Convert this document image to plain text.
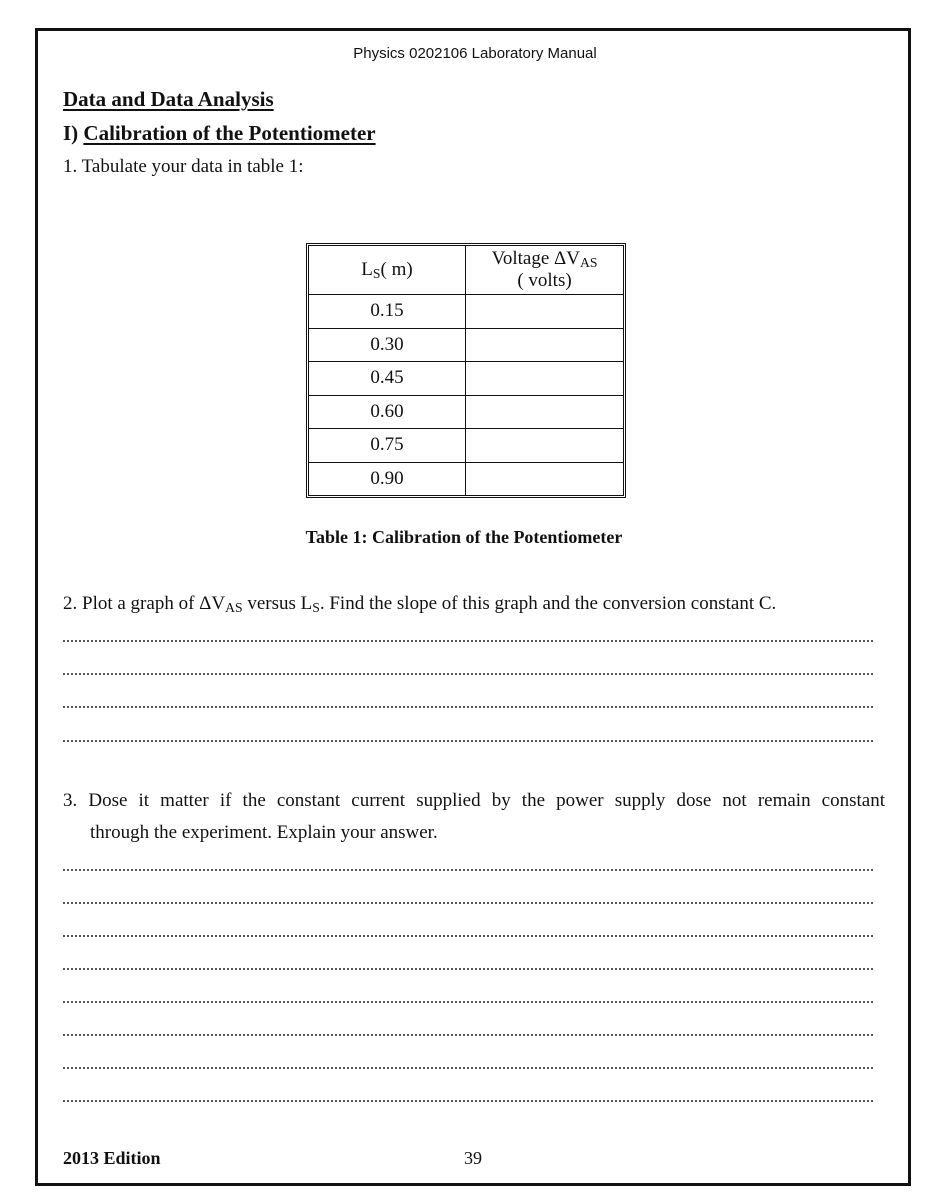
Physics 0202106 Laboratory Manual
Data and Data Analysis
I) Calibration of the Potentiometer
1. Tabulate your data in table 1:
$L_S$( m)	Voltage $\Delta V_{AS}$
( volts)
0.15	
0.30	
0.45	
0.60	
0.75	
0.90	
Table 1: Calibration of the Potentiometer
2. Plot a graph of $\Delta V_{AS}$ versus $L_S$. Find the slope of this graph and the conversion constant C.
3. Dose it matter if the constant current supplied by the power supply dose not remain constant
through the experiment. Explain your answer.
2013 Edition	39
